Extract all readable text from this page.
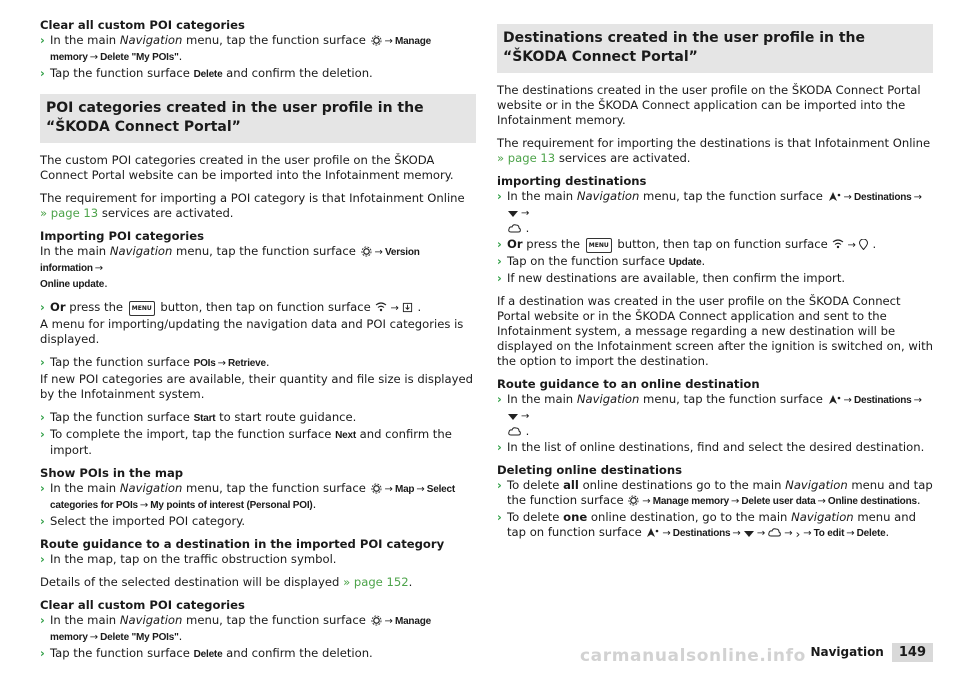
Clear all custom POI categories

› In the main Navigation menu, tap the function surface
→ Manage memory → Delete "My POIs".

› Tap the function surface Delete and confirm the deletion.

POI categories created in the user profile in the “ŠKODA Connect Portal”

The custom POI categories created in the user profile on the ŠKODA Connect Portal website can be imported into the Infotainment memory.

The requirement for importing a POI category is that Infotainment Online
» page 13 services are activated.

Importing POI categories

In the main Navigation menu, tap the function surface
→ Version information →
Online update.

› Or press the MENU button, then tap on function surface
→
.

A menu for importing/updating the navigation data and POI categories is displayed.

› Tap the function surface POIs → Retrieve.

If new POI categories are available, their quantity and file size is displayed by the Infotainment system.

› Tap the function surface Start to start route guidance.

› To complete the import, tap the function surface Next and confirm the import.

Show POIs in the map

› In the main Navigation menu, tap the function surface
→ Map → Select categories for POIs → My points of interest (Personal POI).

› Select the imported POI category.

Route guidance to a destination in the imported POI category

› In the map, tap on the traffic obstruction symbol.

Details of the selected destination will be displayed » page 152.

Clear all custom POI categories

› In the main Navigation menu, tap the function surface
→ Manage memory → Delete "My POIs".

› Tap the function surface Delete and confirm the deletion.

Destinations created in the user profile in the “ŠKODA Connect Portal”

The destinations created in the user profile on the ŠKODA Connect Portal website or in the ŠKODA Connect application can be imported into the Infotainment memory.

The requirement for importing the destinations is that Infotainment Online
» page 13 services are activated.

importing destinations

› In the main Navigation menu, tap the function surface
→ Destinations →
→

.

› Or press the MENU button, then tap on function surface
→
.

› Tap on the function surface Update.

› If new destinations are available, then confirm the import.

If a destination was created in the user profile on the ŠKODA Connect Portal website or in the ŠKODA Connect application and sent to the Infotainment system, a message regarding a new destination will be displayed on the Infotainment screen after the ignition is switched on, with the option to import the destination.

Route guidance to an online destination

› In the main Navigation menu, tap the function surface
→ Destinations →
→

.

› In the list of online destinations, find and select the desired destination.

Deleting online destinations

› To delete all online destinations go to the main Navigation menu and tap the function surface
→ Manage memory → Delete user data → Online destinations.

› To delete one online destination, go to the main Navigation menu and tap on function surface
→ Destinations → → → › → To edit → Delete.

Navigation	149
carmanualsonline.info
